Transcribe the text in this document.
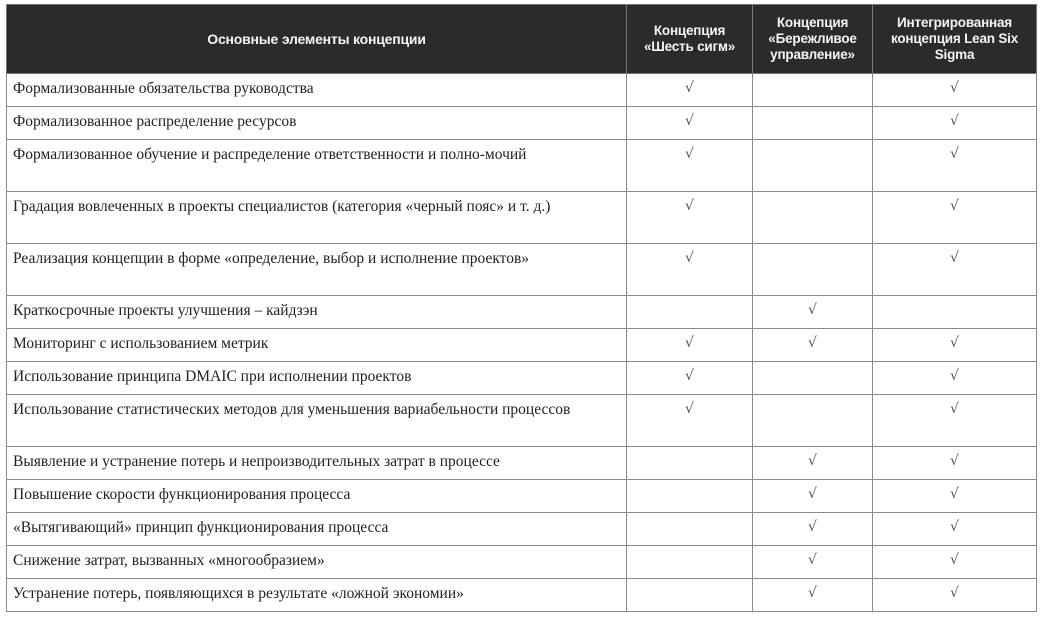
Основные элементы концепции	Концепция «Шесть сигм»	Концепция «Бережливое управление»	Интегрированная концепция Lean Six Sigma
Формализованные обязательства руководства	√		√
Формализованное распределение ресурсов	√		√
Формализованное обучение и распределение ответственности и полно-мочий	√		√
Градация вовлеченных в проекты специалистов (категория «черный пояс» и т. д.)	√		√
Реализация концепции в форме «определение, выбор и исполнение проектов»	√		√
Краткосрочные проекты улучшения – кайдзэн		√	
Мониторинг с использованием метрик	√	√	√
Использование принципа DMAIC при исполнении проектов	√		√
Использование статистических методов для уменьшения вариабельности процессов	√		√
Выявление и устранение потерь и непроизводительных затрат в процессе		√	√
Повышение скорости функционирования процесса		√	√
«Вытягивающий» принцип функционирования процесса		√	√
Снижение затрат, вызванных «многообразием»		√	√
Устранение потерь, появляющихся в результате «ложной экономии»		√	√
